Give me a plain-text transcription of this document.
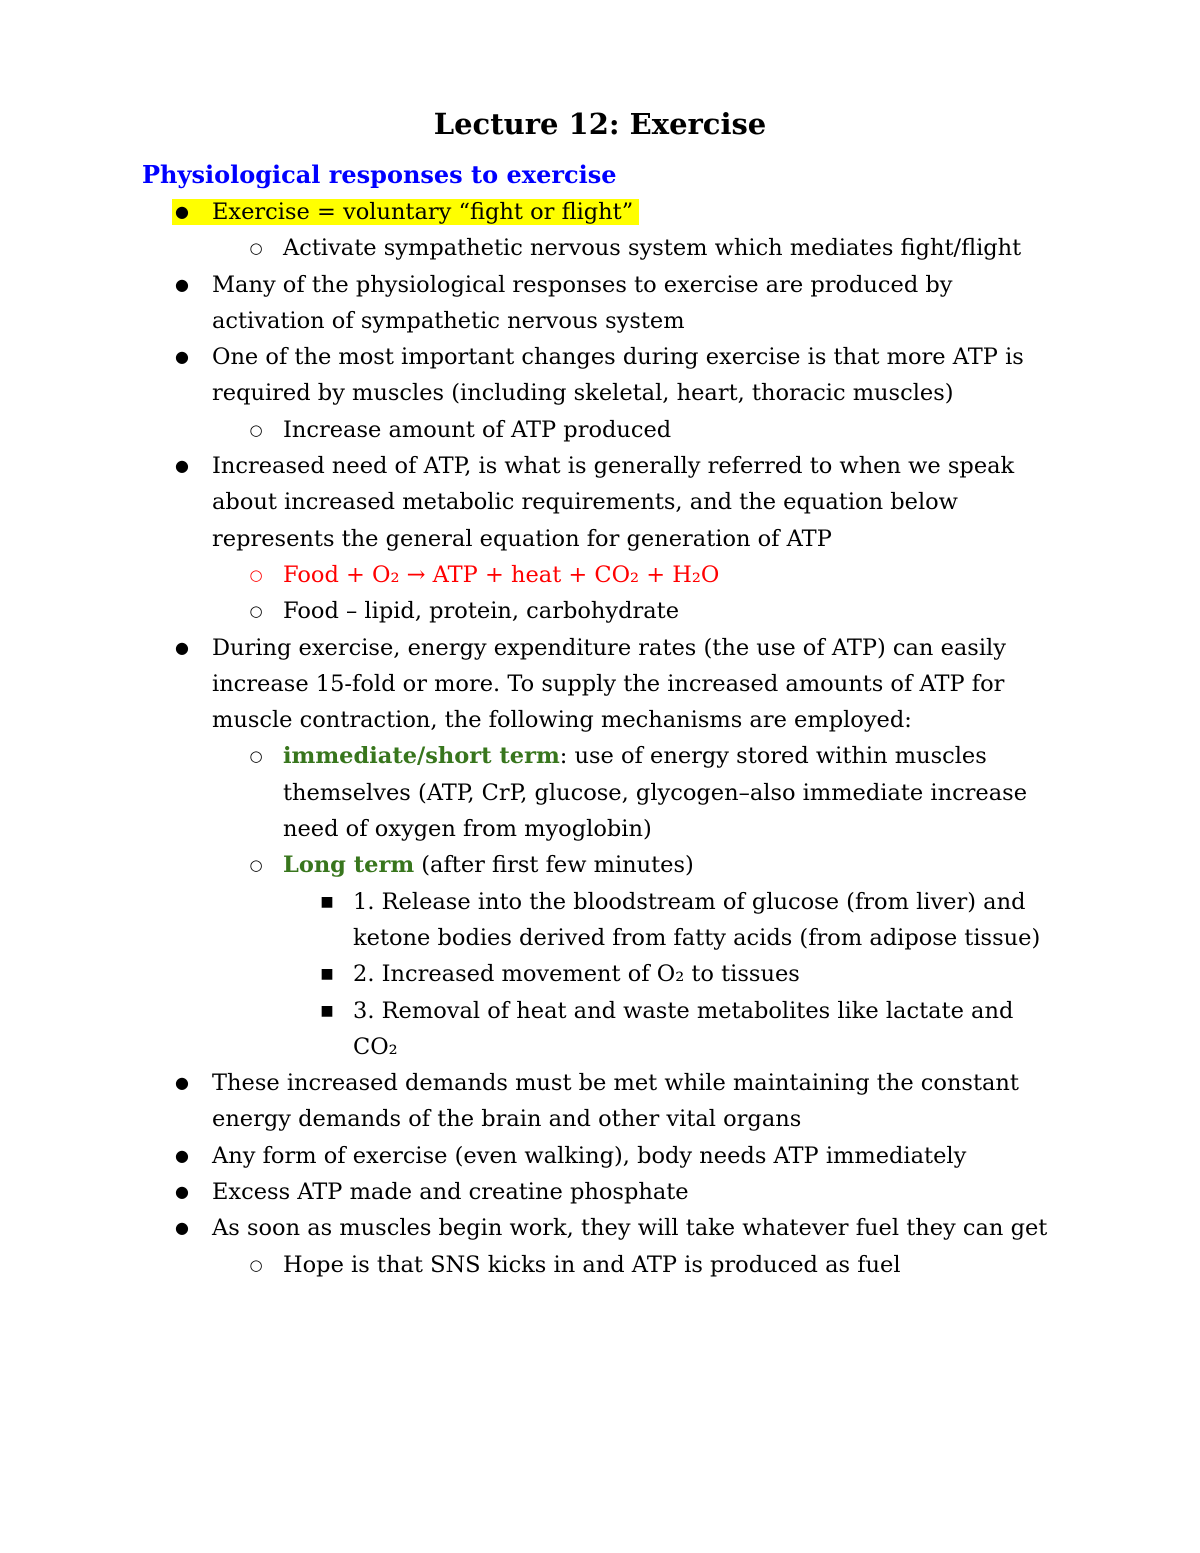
Lecture 12: Exercise
Physiological responses to exercise
● Exercise = voluntary “fight or flight”
○ Activate sympathetic nervous system which mediates fight/flight
● Many of the physiological responses to exercise are produced by activation of sympathetic nervous system
● One of the most important changes during exercise is that more ATP is required by muscles (including skeletal, heart, thoracic muscles)
○ Increase amount of ATP produced
● Increased need of ATP, is what is generally referred to when we speak about increased metabolic requirements, and the equation below represents the general equation for generation of ATP
○ Food + O₂ → ATP + heat + CO₂ + H₂O
○ Food – lipid, protein, carbohydrate
● During exercise, energy expenditure rates (the use of ATP) can easily increase 15-fold or more. To supply the increased amounts of ATP for muscle contraction, the following mechanisms are employed:
○ immediate/short term: use of energy stored within muscles themselves (ATP, CrP, glucose, glycogen–also immediate increase need of oxygen from myoglobin)
○ Long term (after first few minutes)
■ 1. Release into the bloodstream of glucose (from liver) and ketone bodies derived from fatty acids (from adipose tissue)
■ 2. Increased movement of O₂ to tissues
■ 3. Removal of heat and waste metabolites like lactate and CO₂
● These increased demands must be met while maintaining the constant energy demands of the brain and other vital organs
● Any form of exercise (even walking), body needs ATP immediately
● Excess ATP made and creatine phosphate
● As soon as muscles begin work, they will take whatever fuel they can get
○ Hope is that SNS kicks in and ATP is produced as fuel
